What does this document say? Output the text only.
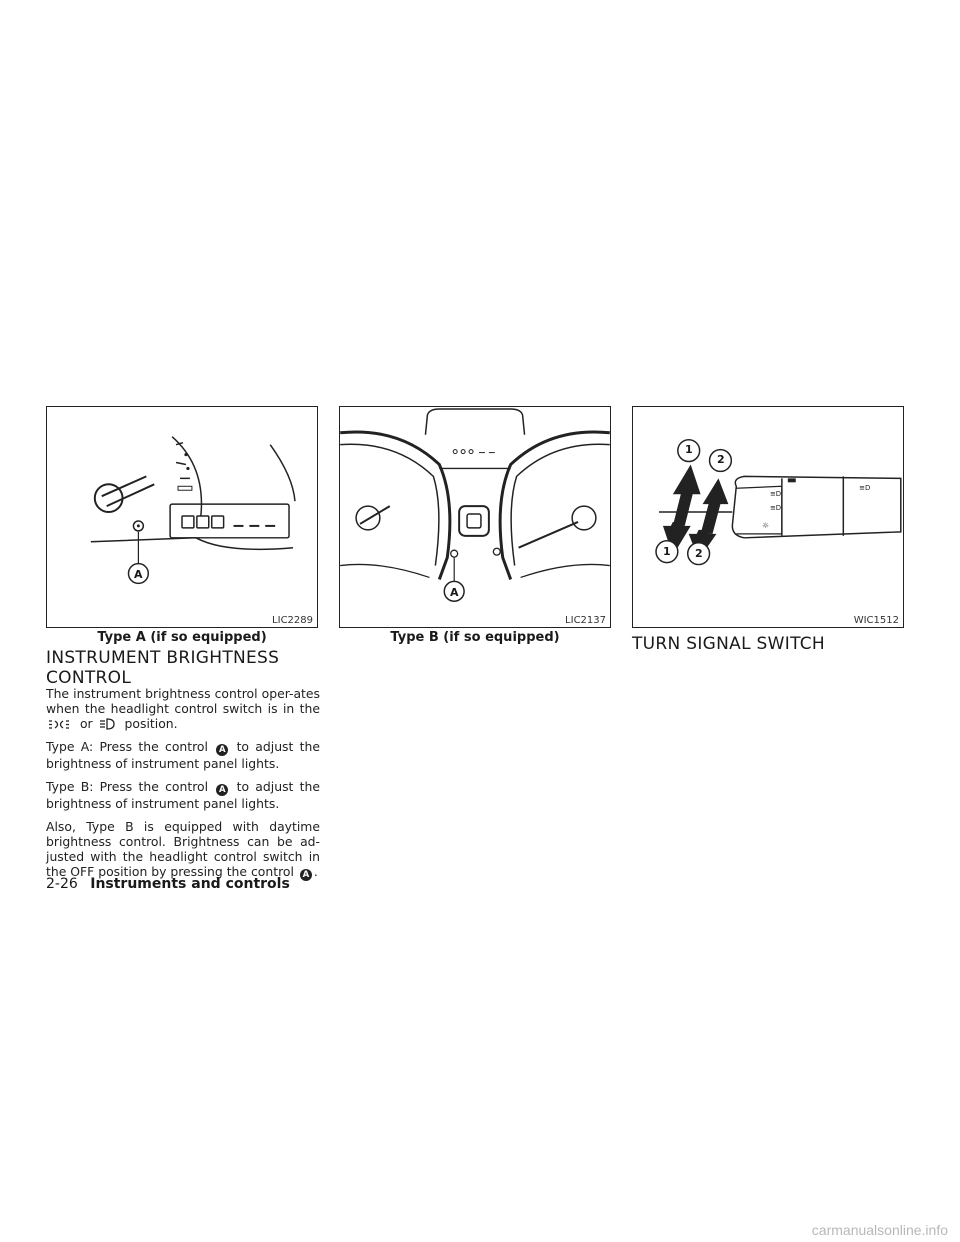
A
LIC2289
Type A (if so equipped)
A
LIC2137
Type B (if so equipped)
≡D
≡D
☼
≡D
1
2
1 2
WIC1512
INSTRUMENT BRIGHTNESS
CONTROL
TURN SIGNAL SWITCH

The instrument brightness control oper-ates when the headlight control switch is in the  or	position.

Type A: Press the control A to adjust the brightness of instrument panel lights.

Type B: Press the control A to adjust the brightness of instrument panel lights.

Also, Type B is equipped with daytime brightness control. Brightness can be ad-justed with the headlight control switch in the OFF position by pressing the control A .

2-26 Instruments and controls
carmanualsonline.info
